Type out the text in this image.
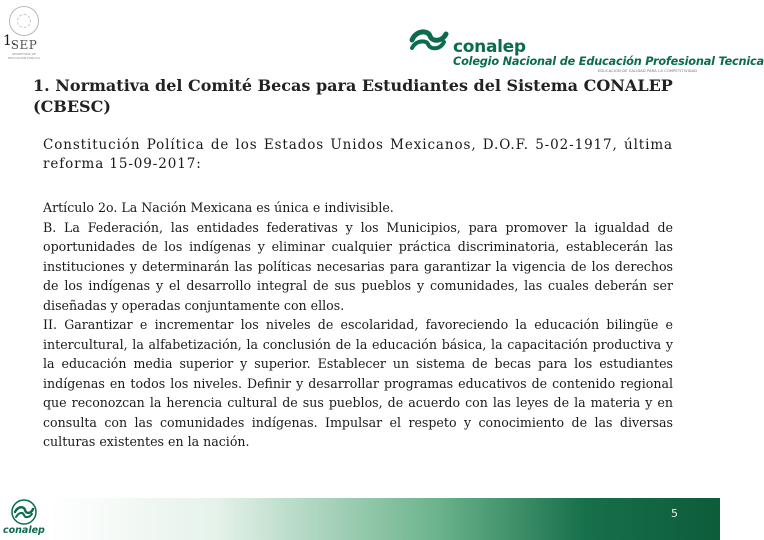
SEP
SECRETARÍA DE EDUCACIÓN PÚBLICA
1.	conalep
Colegio Nacional de Educación Profesional Tecnica
EDUCACIÓN DE CALIDAD PARA LA COMPETITIVIDAD
1. Normativa del Comité Becas para Estudiantes del Sistema CONALEP (CBESC)
Constitución Política de los Estados Unidos Mexicanos, D.O.F. 5-02-1917, última reforma 15-09-2017:

Artículo 2o. La Nación Mexicana es única e indivisible.

B. La Federación, las entidades federativas y los Municipios, para promover la igualdad de oportunidades de los indígenas y eliminar cualquier práctica discriminatoria, establecerán las instituciones y determinarán las políticas necesarias para garantizar la vigencia de los derechos de los indígenas y el desarrollo integral de sus pueblos y comunidades, las cuales deberán ser diseñadas y operadas conjuntamente con ellos.

II. Garantizar e incrementar los niveles de escolaridad, favoreciendo la educación bilingüe e intercultural, la alfabetización, la conclusión de la educación básica, la capacitación productiva y la educación media superior y superior. Establecer un sistema de becas para los estudiantes indígenas en todos los niveles. Definir y desarrollar programas educativos de contenido regional que reconozcan la herencia cultural de sus pueblos, de acuerdo con las leyes de la materia y en consulta con las comunidades indígenas. Impulsar el respeto y conocimiento de las diversas culturas existentes en la nación.

conalep
5
